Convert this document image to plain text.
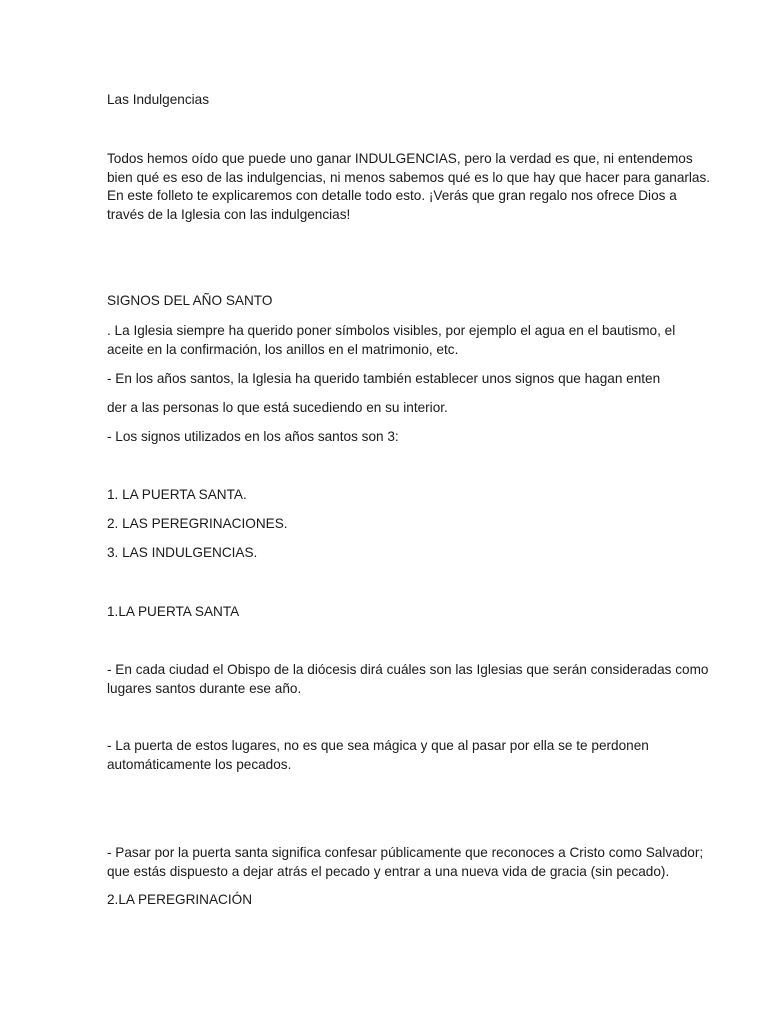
Las Indulgencias
Todos hemos oído que puede uno ganar INDULGENCIAS, pero la verdad es que, ni entendemos
bien qué es eso de las indulgencias, ni menos sabemos qué es lo que hay que hacer para ganarlas.
En este folleto te explicaremos con detalle todo esto. ¡Verás que gran regalo nos ofrece Dios a
través de la Iglesia con las indulgencias!
SIGNOS DEL AÑO SANTO
. La Iglesia siempre ha querido poner símbolos visibles, por ejemplo el agua en el bautismo, el
aceite en la confirmación, los anillos en el matrimonio, etc.
- En los años santos, la Iglesia ha querido también establecer unos signos que hagan enten
der a las personas lo que está sucediendo en su interior.
- Los signos utilizados en los años santos son 3:
1. LA PUERTA SANTA.
2. LAS PEREGRINACIONES.
3. LAS INDULGENCIAS.
1.LA PUERTA SANTA
- En cada ciudad el Obispo de la diócesis dirá cuáles son las Iglesias que serán consideradas como
lugares santos durante ese año.
- La puerta de estos lugares, no es que sea mágica y que al pasar por ella se te perdonen
automáticamente los pecados.
- Pasar por la puerta santa significa confesar públicamente que reconoces a Cristo como Salvador;
que estás dispuesto a dejar atrás el pecado y entrar a una nueva vida de gracia (sin pecado).
2.LA PEREGRINACIÓN
